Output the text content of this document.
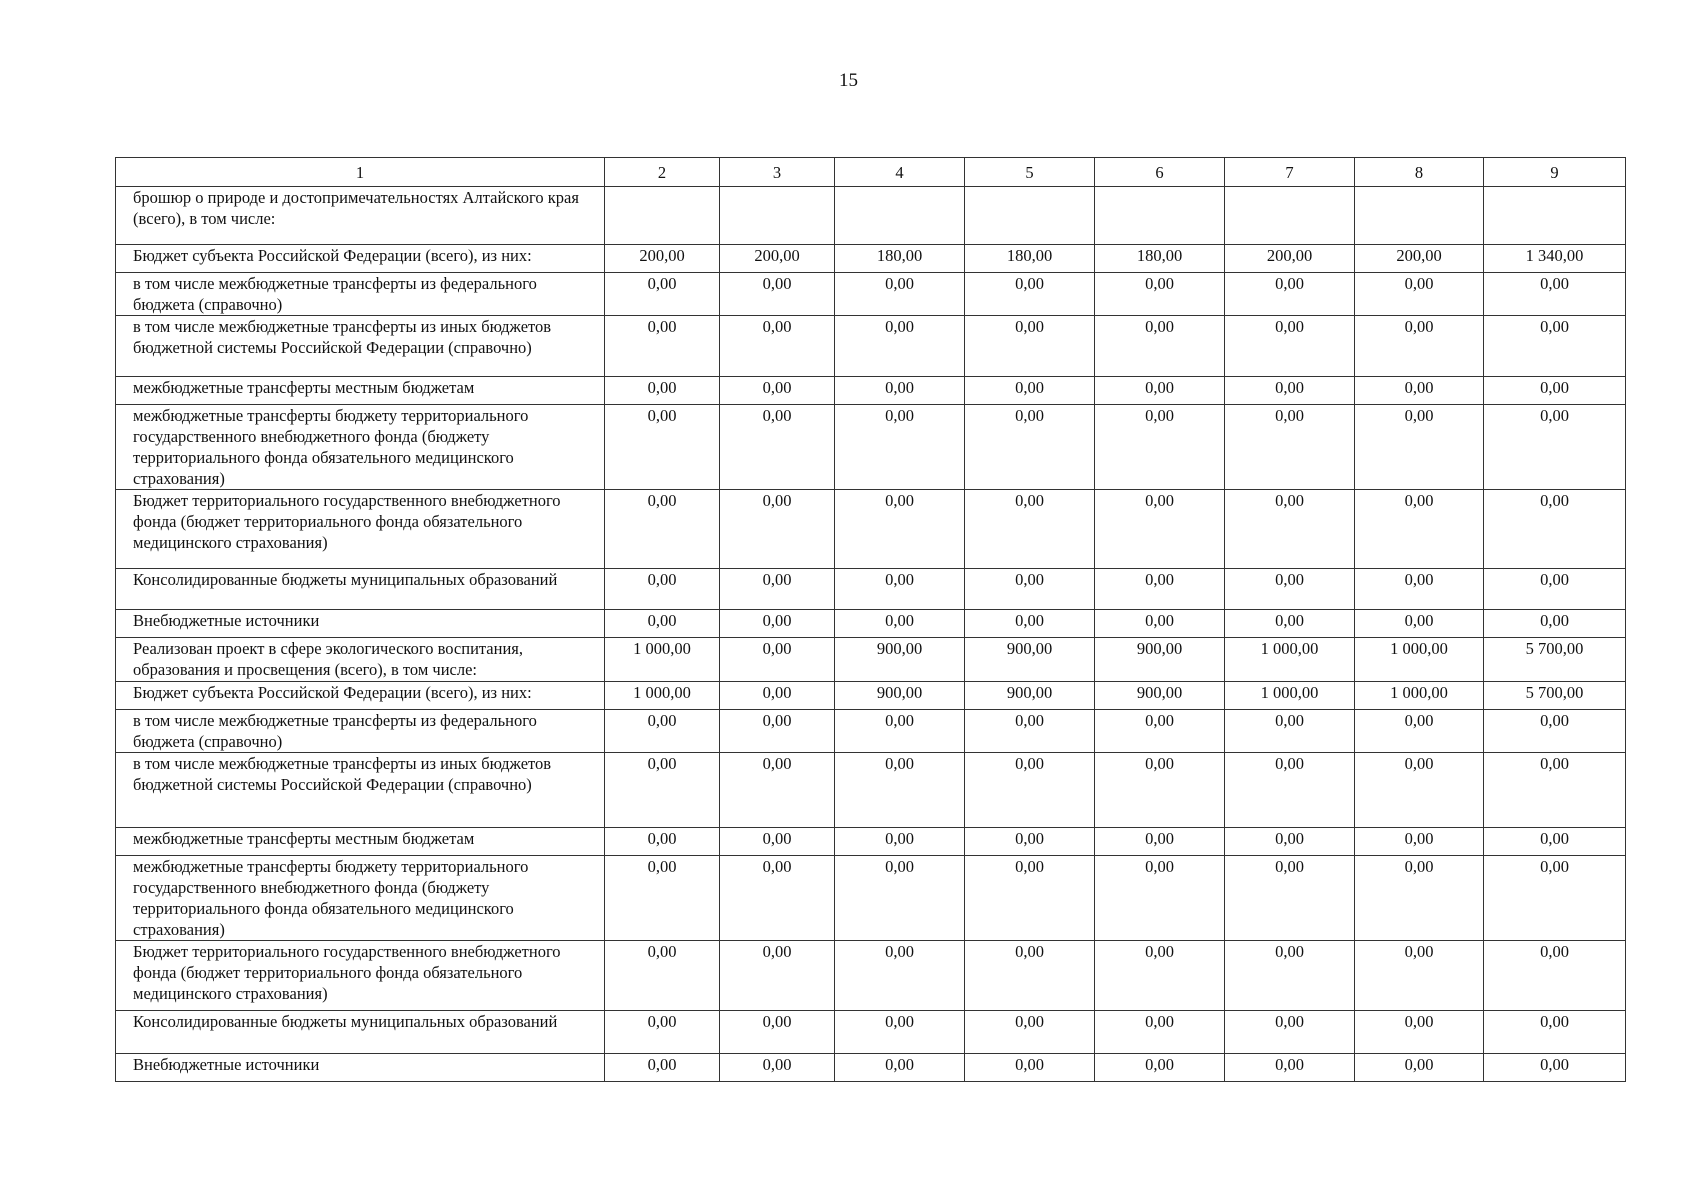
15
1	2	3	4	5	6	7	8	9
брошюр о природе и достопримечательностях Алтайского края (всего), в том числе:								
Бюджет субъекта Российской Федерации (всего), из них:	200,00	200,00	180,00	180,00	180,00	200,00	200,00	1 340,00
в том числе межбюджетные трансферты из федерального бюджета (справочно)	0,00	0,00	0,00	0,00	0,00	0,00	0,00	0,00
в том числе межбюджетные трансферты из иных бюджетов бюджетной системы Российской Федерации (справочно)	0,00	0,00	0,00	0,00	0,00	0,00	0,00	0,00
межбюджетные трансферты местным бюджетам	0,00	0,00	0,00	0,00	0,00	0,00	0,00	0,00
межбюджетные трансферты бюджету территориального государственного внебюджетного фонда (бюджету территориального фонда обязательного медицинского страхования)	0,00	0,00	0,00	0,00	0,00	0,00	0,00	0,00
Бюджет территориального государственного внебюджетного фонда (бюджет территориального фонда обязательного медицинского страхования)	0,00	0,00	0,00	0,00	0,00	0,00	0,00	0,00
Консолидированные бюджеты муниципальных образований	0,00	0,00	0,00	0,00	0,00	0,00	0,00	0,00
Внебюджетные источники	0,00	0,00	0,00	0,00	0,00	0,00	0,00	0,00
Реализован проект в сфере экологического воспитания, образования и просвещения (всего), в том числе:	1 000,00	0,00	900,00	900,00	900,00	1 000,00	1 000,00	5 700,00
Бюджет субъекта Российской Федерации (всего), из них:	1 000,00	0,00	900,00	900,00	900,00	1 000,00	1 000,00	5 700,00
в том числе межбюджетные трансферты из федерального бюджета (справочно)	0,00	0,00	0,00	0,00	0,00	0,00	0,00	0,00
в том числе межбюджетные трансферты из иных бюджетов бюджетной системы Российской Федерации (справочно)	0,00	0,00	0,00	0,00	0,00	0,00	0,00	0,00
межбюджетные трансферты местным бюджетам	0,00	0,00	0,00	0,00	0,00	0,00	0,00	0,00
межбюджетные трансферты бюджету территориального государственного внебюджетного фонда (бюджету территориального фонда обязательного медицинского страхования)	0,00	0,00	0,00	0,00	0,00	0,00	0,00	0,00
Бюджет территориального государственного внебюджетного фонда (бюджет территориального фонда обязательного медицинского страхования)	0,00	0,00	0,00	0,00	0,00	0,00	0,00	0,00
Консолидированные бюджеты муниципальных образований	0,00	0,00	0,00	0,00	0,00	0,00	0,00	0,00
Внебюджетные источники	0,00	0,00	0,00	0,00	0,00	0,00	0,00	0,00
